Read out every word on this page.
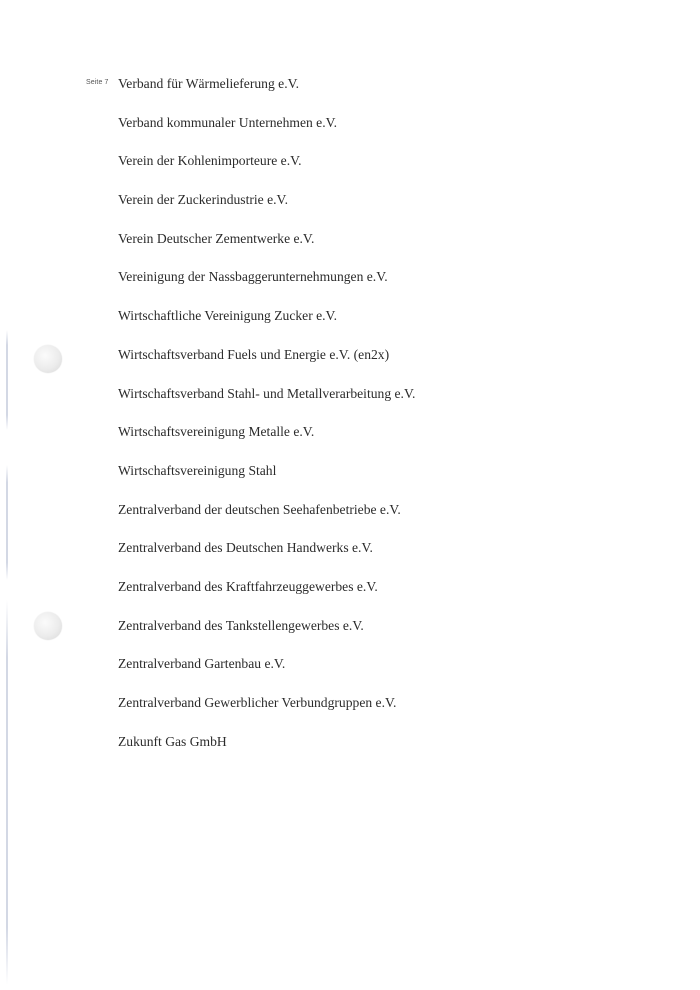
Seite 7 Verband für Wärmelieferung e.V.
Verband kommunaler Unternehmen e.V.
Verein der Kohlenimporteure e.V.
Verein der Zuckerindustrie e.V.
Verein Deutscher Zementwerke e.V.
Vereinigung der Nassbaggerunternehmungen e.V.
Wirtschaftliche Vereinigung Zucker e.V.
Wirtschaftsverband Fuels und Energie e.V. (en2x)
Wirtschaftsverband Stahl- und Metallverarbeitung e.V.
Wirtschaftsvereinigung Metalle e.V.
Wirtschaftsvereinigung Stahl
Zentralverband der deutschen Seehafenbetriebe e.V.
Zentralverband des Deutschen Handwerks e.V.
Zentralverband des Kraftfahrzeuggewerbes e.V.
Zentralverband des Tankstellengewerbes e.V.
Zentralverband Gartenbau e.V.
Zentralverband Gewerblicher Verbundgruppen e.V.
Zukunft Gas GmbH
